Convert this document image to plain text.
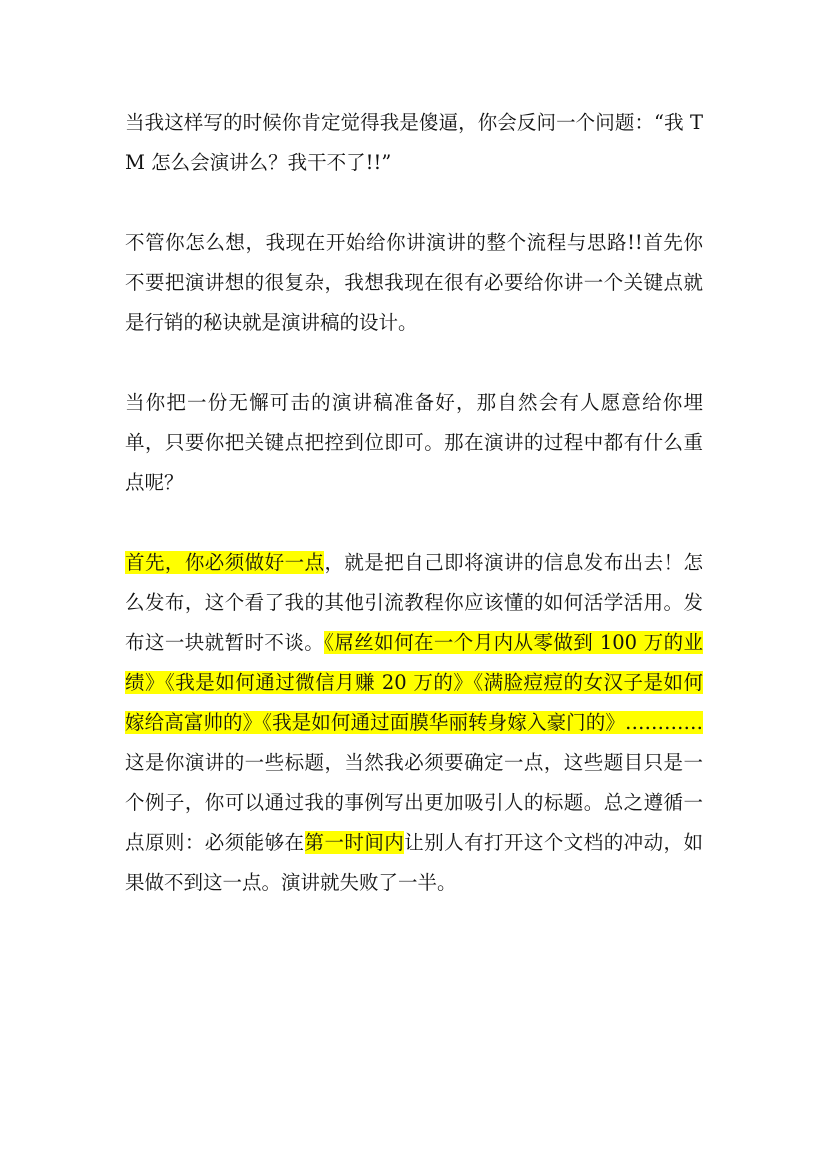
当我这样写的时候你肯定觉得我是傻逼，你会反问一个问题：“我 TM 怎么会演讲么？我干不了!!”

不管你怎么想，我现在开始给你讲演讲的整个流程与思路!!首先你不要把演讲想的很复杂，我想我现在很有必要给你讲一个关键点就是行销的秘诀就是演讲稿的设计。

当你把一份无懈可击的演讲稿准备好，那自然会有人愿意给你埋单，只要你把关键点把控到位即可。那在演讲的过程中都有什么重点呢？

首先，你必须做好一点，就是把自己即将演讲的信息发布出去！怎么发布，这个看了我的其他引流教程你应该懂的如何活学活用。发布这一块就暂时不谈。《屌丝如何在一个月内从零做到 100 万的业绩》《我是如何通过微信月赚 20 万的》《满脸痘痘的女汉子是如何嫁给高富帅的》《我是如何通过面膜华丽转身嫁入豪门的》…………这是你演讲的一些标题，当然我必须要确定一点，这些题目只是一个例子，你可以通过我的事例写出更加吸引人的标题。总之遵循一点原则：必须能够在第一时间内让别人有打开这个文档的冲动，如果做不到这一点。演讲就失败了一半。
